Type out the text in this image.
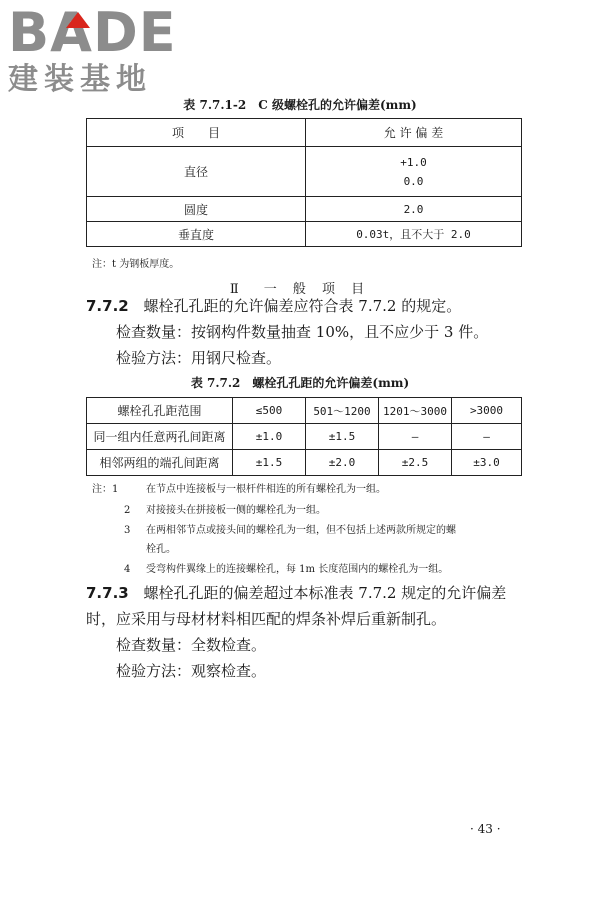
BADE
建装基地
表 7.7.1-2　C 级螺栓孔的允许偏差(mm)
项　　目	允 许 偏 差
直径	+1.0
0.0

圆度	2.0
垂直度	0.03t，且不大于 2.0
注：t 为钢板厚度。
Ⅱ　一 般 项 目
7.7.2 螺栓孔孔距的允许偏差应符合表 7.7.2 的规定。
检查数量：按钢构件数量抽查 10%，且不应少于 3 件。
检验方法：用钢尺检查。
表 7.7.2　螺栓孔孔距的允许偏差(mm)
螺栓孔孔距范围	≤500	501～1200	1201～3000	>3000
同一组内任意两孔间距离	±1.0	±1.5	—	—
相邻两组的端孔间距离	±1.5	±2.0	±2.5	±3.0
注：1	在节点中连接板与一根杆件相连的所有螺栓孔为一组。
2 对接接头在拼接板一侧的螺栓孔为一组。
3 在两相邻节点或接头间的螺栓孔为一组，但不包括上述两款所规定的螺
栓孔。
4 受弯构件翼缘上的连接螺栓孔，每 1m 长度范围内的螺栓孔为一组。
7.7.3 螺栓孔孔距的偏差超过本标准表 7.7.2 规定的允许偏差
时，应采用与母材材料相匹配的焊条补焊后重新制孔。
检查数量：全数检查。
检验方法：观察检查。
· 43 ·
